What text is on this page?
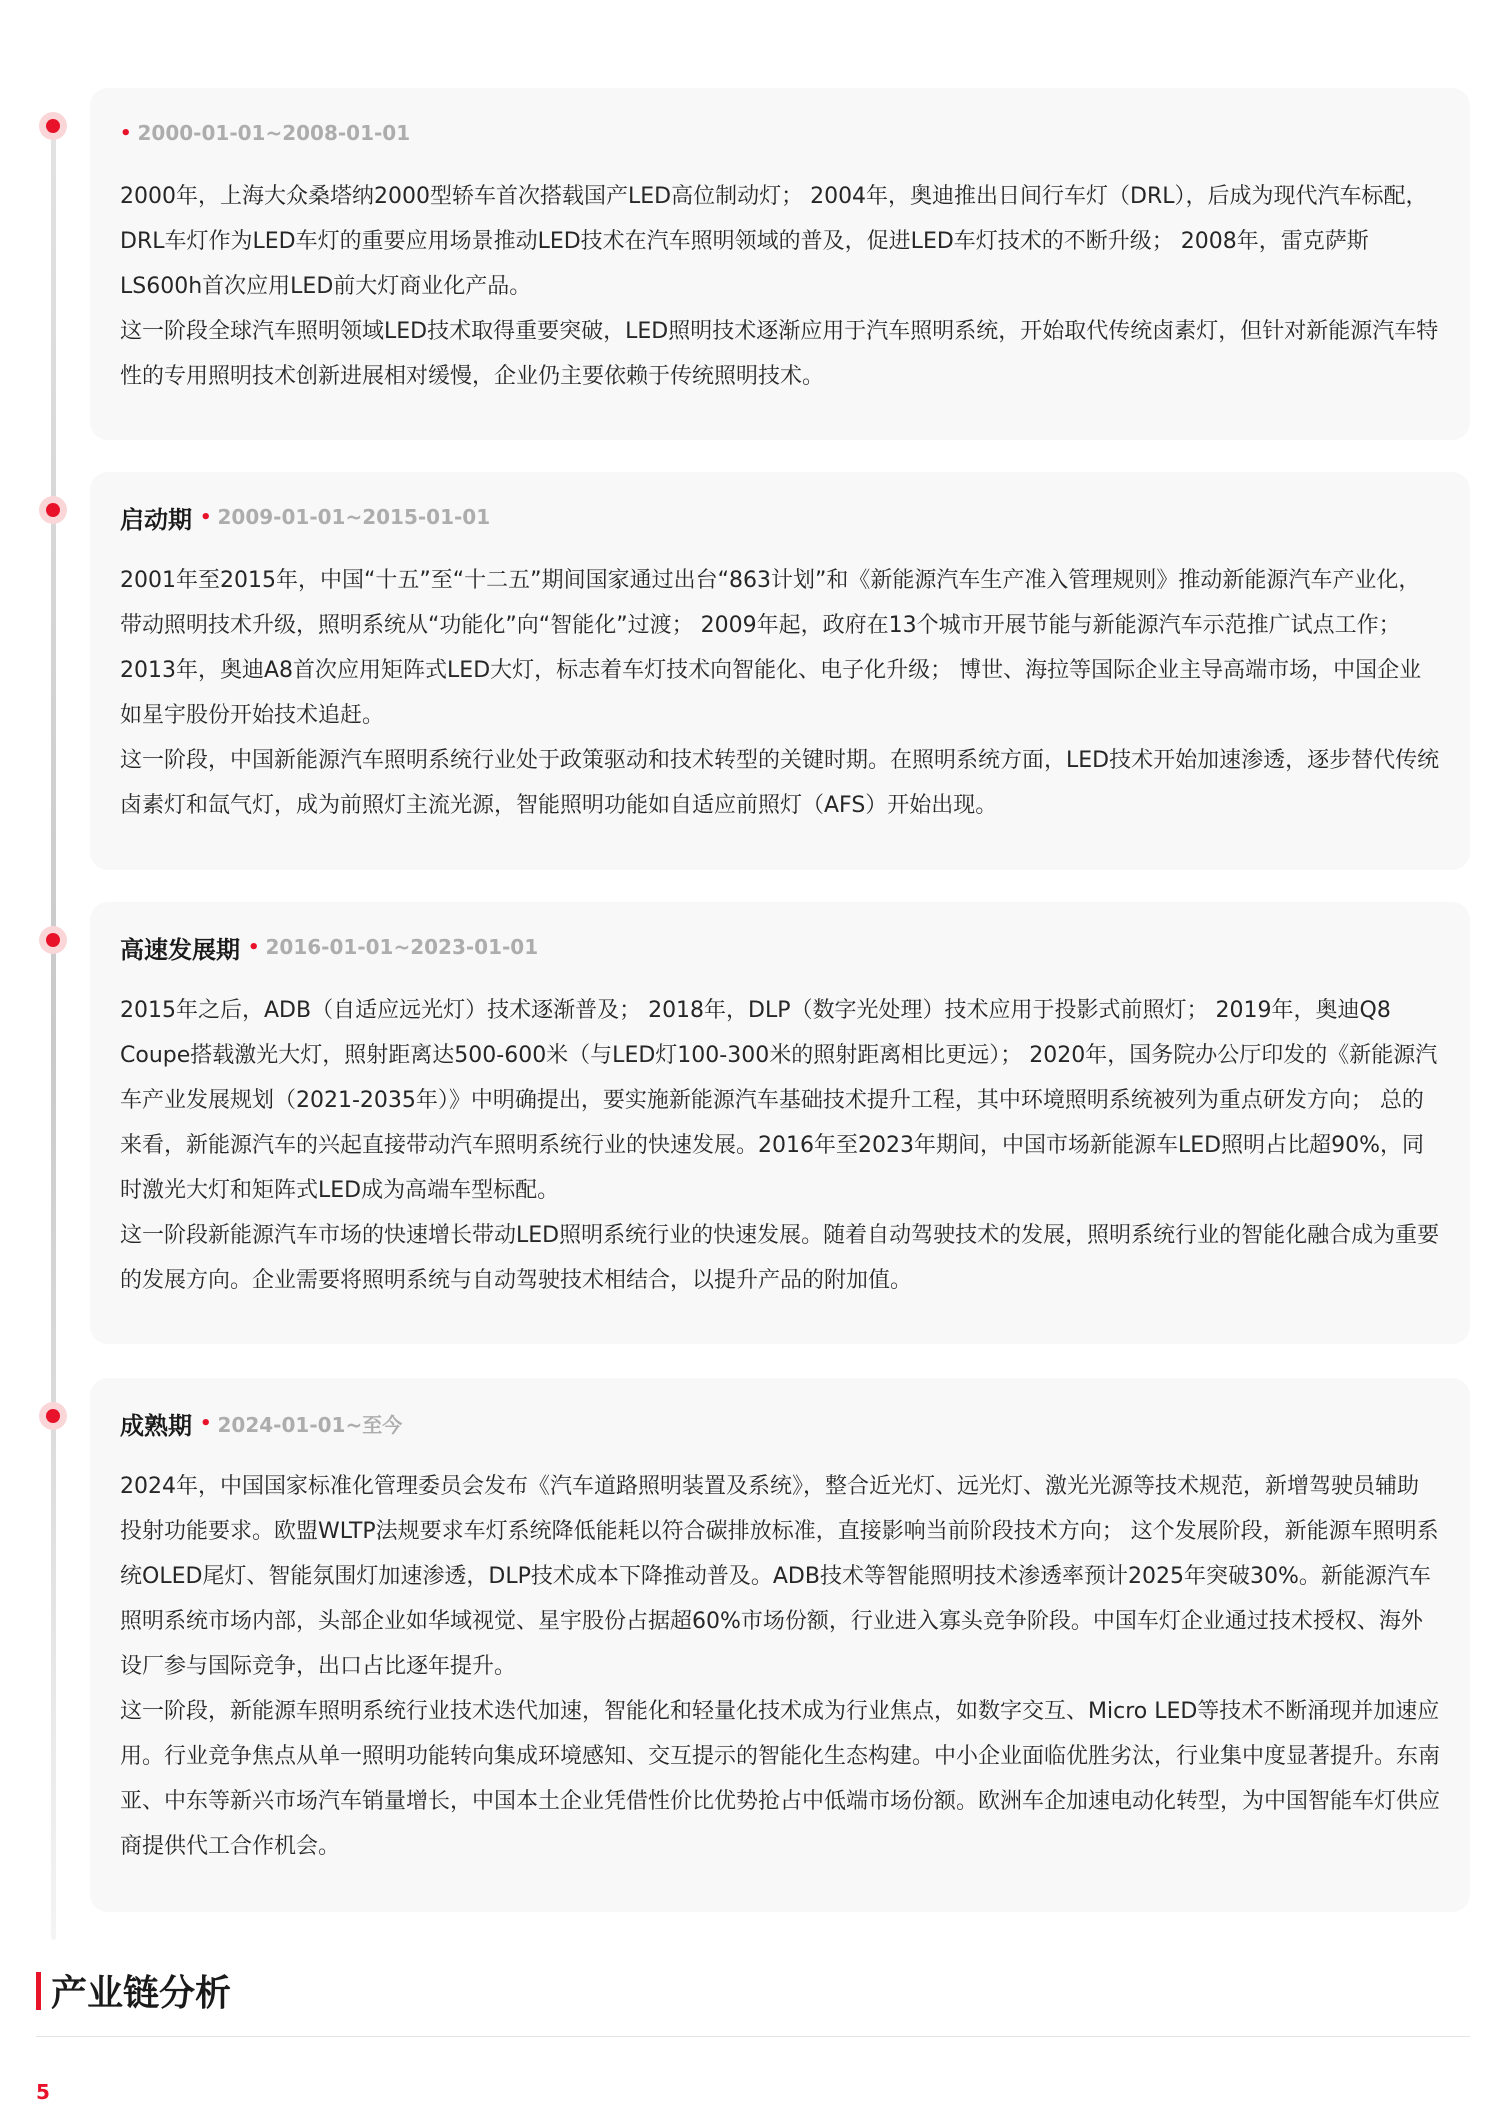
• 2000-01-01~2008-01-01

2000年，上海大众桑塔纳2000型轿车首次搭载国产LED高位制动灯； 2004年，奥迪推出日间行车灯（DRL），后成为现代汽车标配，DRL车灯作为LED车灯的重要应用场景推动LED技术在汽车照明领域的普及，促进LED车灯技术的不断升级； 2008年，雷克萨斯LS600h首次应用LED前大灯商业化产品。

这一阶段全球汽车照明领域LED技术取得重要突破，LED照明技术逐渐应用于汽车照明系统，开始取代传统卤素灯，但针对新能源汽车特性的专用照明技术创新进展相对缓慢，企业仍主要依赖于传统照明技术。

启动期 • 2009-01-01~2015-01-01

2001年至2015年，中国“十五”至“十二五”期间国家通过出台“863计划”和《新能源汽车生产准入管理规则》推动新能源汽车产业化，带动照明技术升级，照明系统从“功能化”向“智能化”过渡； 2009年起，政府在13个城市开展节能与新能源汽车示范推广试点工作； 2013年，奥迪A8首次应用矩阵式LED大灯，标志着车灯技术向智能化、电子化升级； 博世、海拉等国际企业主导高端市场，中国企业如星宇股份开始技术追赶。

这一阶段，中国新能源汽车照明系统行业处于政策驱动和技术转型的关键时期。在照明系统方面，LED技术开始加速渗透，逐步替代传统卤素灯和氙气灯，成为前照灯主流光源，智能照明功能如自适应前照灯（AFS）开始出现。

高速发展期 • 2016-01-01~2023-01-01

2015年之后，ADB（自适应远光灯）技术逐渐普及； 2018年，DLP（数字光处理）技术应用于投影式前照灯； 2019年，奥迪Q8 Coupe搭载激光大灯，照射距离达500-600米（与LED灯100-300米的照射距离相比更远）； 2020年，国务院办公厅印发的《新能源汽车产业发展规划（2021-2035年）》中明确提出，要实施新能源汽车基础技术提升工程，其中环境照明系统被列为重点研发方向； 总的来看，新能源汽车的兴起直接带动汽车照明系统行业的快速发展。2016年至2023年期间，中国市场新能源车LED照明占比超90%，同时激光大灯和矩阵式LED成为高端车型标配。

这一阶段新能源汽车市场的快速增长带动LED照明系统行业的快速发展。随着自动驾驶技术的发展，照明系统行业的智能化融合成为重要的发展方向。企业需要将照明系统与自动驾驶技术相结合，以提升产品的附加值。

成熟期 • 2024-01-01~至今

2024年，中国国家标准化管理委员会发布《汽车道路照明装置及系统》，整合近光灯、远光灯、激光光源等技术规范，新增驾驶员辅助投射功能要求。欧盟WLTP法规要求车灯系统降低能耗以符合碳排放标准，直接影响当前阶段技术方向； 这个发展阶段，新能源车照明系统OLED尾灯、智能氛围灯加速渗透，DLP技术成本下降推动普及。ADB技术等智能照明技术渗透率预计2025年突破30%。新能源汽车照明系统市场内部，头部企业如华域视觉、星宇股份占据超60%市场份额，行业进入寡头竞争阶段。中国车灯企业通过技术授权、海外设厂参与国际竞争，出口占比逐年提升。

这一阶段，新能源车照明系统行业技术迭代加速，智能化和轻量化技术成为行业焦点，如数字交互、Micro LED等技术不断涌现并加速应用。行业竞争焦点从单一照明功能转向集成环境感知、交互提示的智能化生态构建。中小企业面临优胜劣汰，行业集中度显著提升。东南亚、中东等新兴市场汽车销量增长，中国本土企业凭借性价比优势抢占中低端市场份额。欧洲车企加速电动化转型，为中国智能车灯供应商提供代工合作机会。

产业链分析
5
